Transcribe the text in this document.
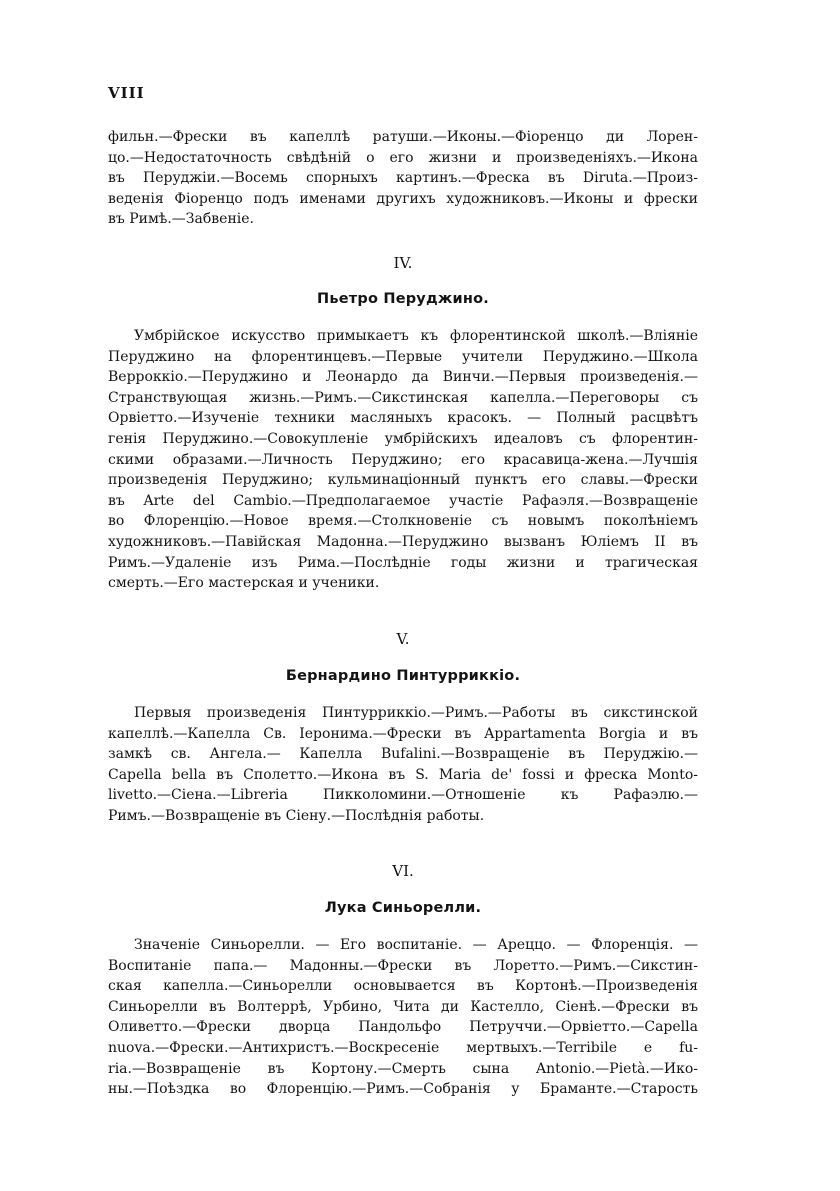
VIII
фильн.—Фрески въ капеллѣ ратуши.—Иконы.—Фіоренцо ди Лорен-
цо.—Недостаточность свѣдѣній о его жизни и произведеніяхъ.—Икона
въ Перуджіи.—Восемь спорныхъ картинъ.—Фреска въ Diruta.—Произ-
веденія Фіоренцо подъ именами другихъ художниковъ.—Иконы и фрески
въ Римѣ.—Забвеніе.
IV.
Пьетро Перуджино.
Умбрійское искусство примыкаетъ къ флорентинской школѣ.—Вліяніе
Перуджино на флорентинцевъ.—Первые учители Перуджино.—Школа
Верроккіо.—Перуджино и Леонардо да Винчи.—Первыя произведенія.—
Странствующая жизнь.—Римъ.—Сикстинская капелла.—Переговоры съ
Орвіетто.—Изученіе техники масляныхъ красокъ. — Полный расцвѣтъ
генія Перуджино.—Совокупленіе умбрійскихъ идеаловъ съ флорентин-
скими образами.—Личность Перуджино; его красавица-жена.—Лучшія
произведенія Перуджино; кульминаціонный пунктъ его славы.—Фрески
въ Arte del Cambio.—Предполагаемое участіе Рафаэля.—Возвращеніе
во Флоренцію.—Новое время.—Столкновеніе съ новымъ поколѣніемъ
художниковъ.—Павійская Мадонна.—Перуджино вызванъ Юліемъ II въ
Римъ.—Удаленіе изъ Рима.—Послѣдніе годы жизни и трагическая
смерть.—Его мастерская и ученики.
V.
Бернардино Пинтурриккіо.
Первыя произведенія Пинтурриккіо.—Римъ.—Работы въ сикстинской
капеллѣ.—Капелла Св. Іеронима.—Фрески въ Appartamenta Borgia и въ
замкѣ св. Ангела.— Капелла Bufalini.—Возвращеніе въ Перуджію.—
Capella bella въ Сполетто.—Икона въ S. Maria de' fossi и фреска Monto-
livetto.—Сіена.—Libreria Пикколомини.—Отношеніе къ Рафаэлю.—
Римъ.—Возвращеніе въ Сіену.—Послѣднія работы.
VI.
Лука Синьорелли.
Значеніе Синьорелли. — Его воспитаніе. — Ареццо. — Флоренція. —
Воспитаніе папа.— Мадонны.—Фрески въ Лоретто.—Римъ.—Сикстин-
ская капелла.—Синьорелли основывается въ Кортонѣ.—Произведенія
Синьорелли въ Волтеррѣ, Урбино, Чита ди Кастелло, Сіенѣ.—Фрески въ
Оливетто.—Фрески дворца Пандольфо Петруччи.—Орвіетто.—Capella
nuova.—Фрески.—Антихристъ.—Воскресеніе мертвыхъ.—Terribile e fu-
ria.—Возвращеніе въ Кортону.—Смерть сына Antonio.—Pietà.—Ико-
ны.—Поѣздка во Флоренцію.—Римъ.—Собранія у Браманте.—Старость
